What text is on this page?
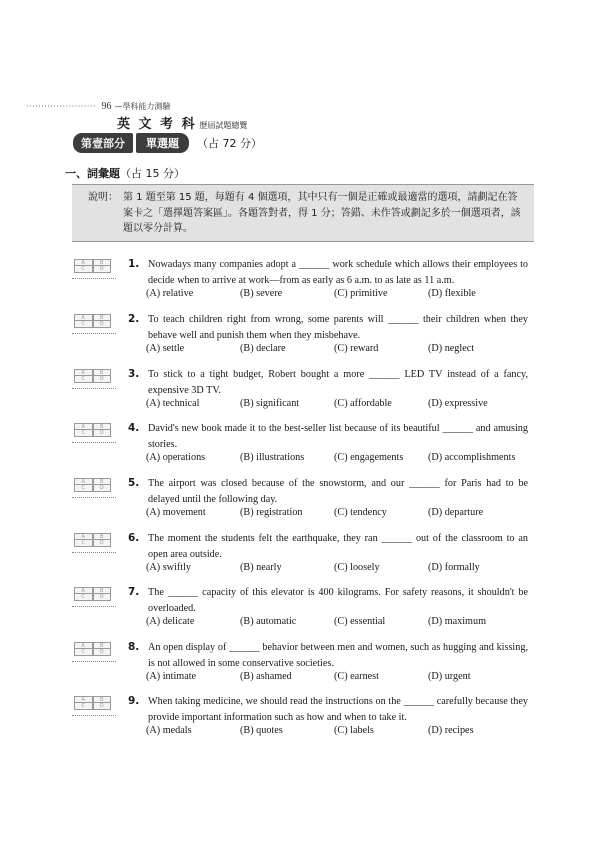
······················· 96 —學科能力測驗
英 文 考 科 歷屆試題總覽
第壹部分	單選題	（占 72 分）
一、詞彙題（占 15 分）
說明： 第 1 題至第 15 題，每題有 4 個選項，其中只有一個是正確或最適當的選項，請劃記在答案卡之「選擇題答案區」。各題答對者，得 1 分；答錯、未作答或劃記多於一個選項者，該題以零分計算。
A	B
C	D	1. Nowadays many companies adopt a ______ work schedule which allows their employees to decide when to arrive at work—from as early as 6 a.m. to as late as 11 a.m.
(A) relative	(B) severe	(C) primitive	(D) flexible
A	B
C	D	2. To teach children right from wrong, some parents will ______ their children when they behave well and punish them when they misbehave.
(A) settle	(B) declare	(C) reward	(D) neglect
A	B
C	D	3. To stick to a tight budget, Robert bought a more ______ LED TV instead of a fancy, expensive 3D TV.
(A) technical	(B) significant	(C) affordable	(D) expressive
A	B
C	D	4. David's new book made it to the best-seller list because of its beautiful ______ and amusing stories.
(A) operations	(B) illustrations	(C) engagements (D) accomplishments
A	B
C	D	5. The airport was closed because of the snowstorm, and our ______ for Paris had to be delayed until the following day.
(A) movement	(B) registration	(C) tendency	(D) departure
A	B
C	D	6. The moment the students felt the earthquake, they ran ______ out of the classroom to an open area outside.
(A) swiftly	(B) nearly	(C) loosely	(D) formally
A	B
C	D	7. The ______ capacity of this elevator is 400 kilograms. For safety reasons, it shouldn't be overloaded.
(A) delicate	(B) automatic	(C) essential	(D) maximum
A	B
C	D	8. An open display of ______ behavior between men and women, such as hugging and kissing, is not allowed in some conservative societies.
(A) intimate	(B) ashamed	(C) earnest	(D) urgent
A	B
C	D	9. When taking medicine, we should read the instructions on the ______ carefully because they provide important information such as how and when to take it.
(A) medals	(B) quotes	(C) labels	(D) recipes
